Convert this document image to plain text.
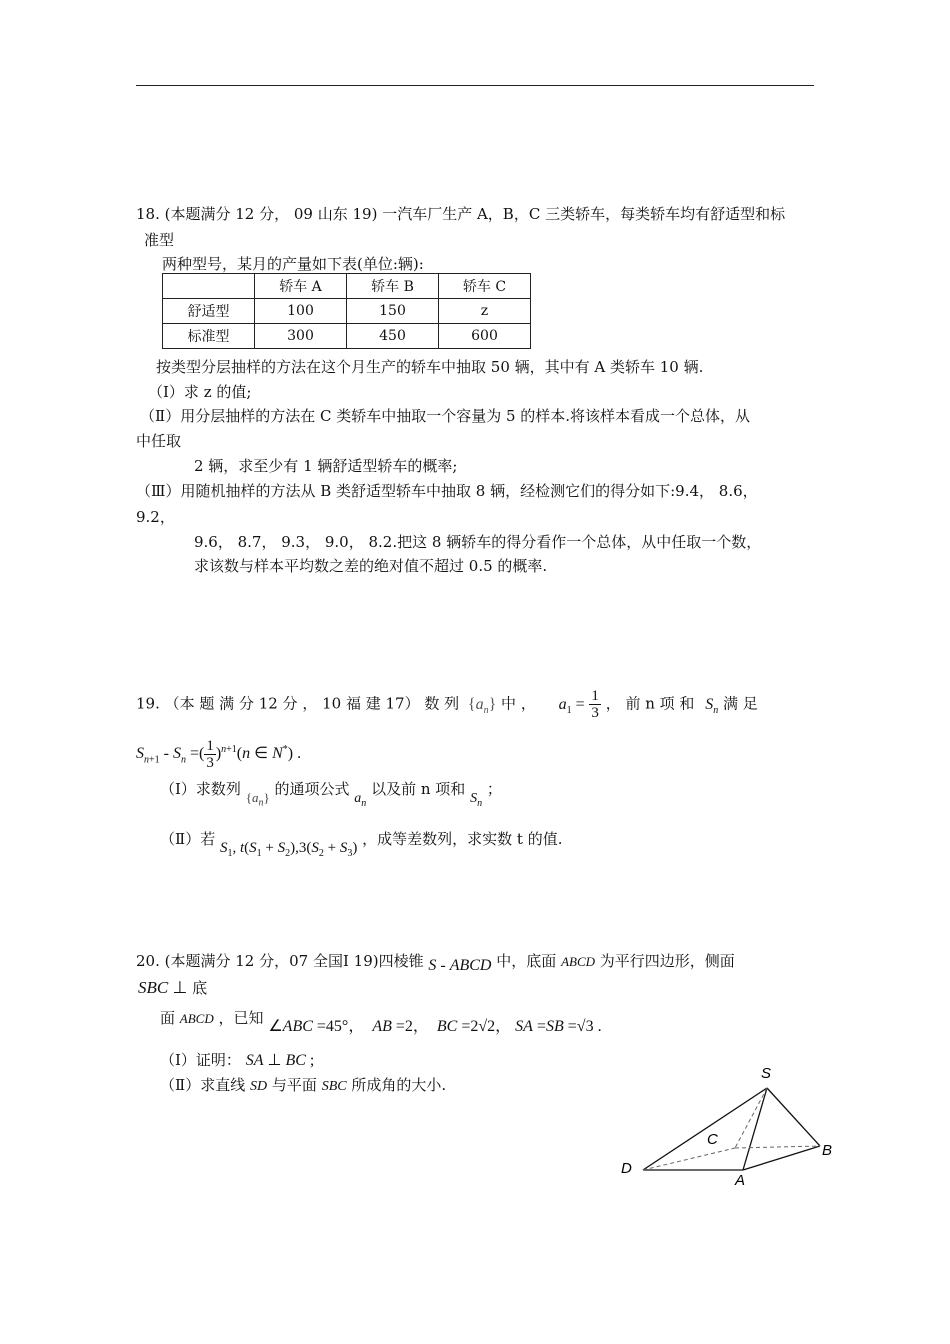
18. (本题满分 12 分， 09 山东 19) 一汽车厂生产 A，B，C 三类轿车，每类轿车均有舒适型和标
准型
两种型号，某月的产量如下表(单位:辆):
	轿车 A	轿车 B	轿车 C
舒适型	100	150	z
标准型	300	450	600
按类型分层抽样的方法在这个月生产的轿车中抽取 50 辆，其中有 A 类轿车 10 辆.
（Ⅰ）求 z 的值;
（Ⅱ）用分层抽样的方法在 C 类轿车中抽取一个容量为 5 的样本.将该样本看成一个总体，从
中任取
2 辆，求至少有 1 辆舒适型轿车的概率;
（Ⅲ）用随机抽样的方法从 B 类舒适型轿车中抽取 8 辆，经检测它们的得分如下:9.4， 8.6，
9.2，
9.6， 8.7， 9.3， 9.0， 8.2.把这 8 辆轿车的得分看作一个总体，从中任取一个数，
求该数与样本平均数之差的绝对值不超过 0.5 的概率.
19. （本 题 满 分 12 分 ， 10 福 建 17） 数 列 $\{a_n\}$ 中 ， $a_1 = \frac{1}{3}$ ， 前 n 项 和 $S_n$ 满 足
$S_{n+1} - S_n$ =( $\frac{1}{3} )^{n+1}(n$ ∈ N*) .
（Ⅰ）求数列 $\{a_n\}$ 的通项公式 $a_n$ 以及前 n 项和 $S_n$ ；
（Ⅱ）若 $S_1$, $t(S_1 + S_2),3(S_2 + S_3)$ ，成等差数列，求实数 t 的值.
20. (本题满分 12 分，07 全国Ⅰ 19)四棱锥 S - ABCD 中，底面 ABCD 为平行四边形，侧面
SBC ⊥ 底
面 ABCD ，已知 ∠ABC =45°，  AB =2，  BC =2√2， SA =SB =√3 .
（Ⅰ）证明： SA ⊥ BC ;
（Ⅱ）求直线 SD 与平面 SBC 所成角的大小.
S
C
B
D
A
